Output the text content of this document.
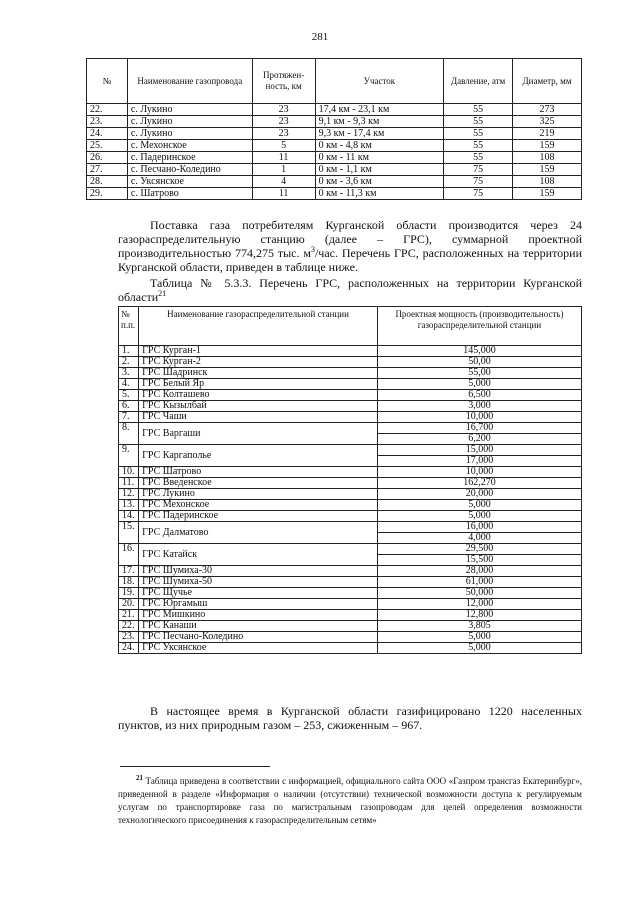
281
№	Наименование газопровода	Протяжен-ность, км	Участок	Давление, атм	Диаметр, мм
22.	с. Лукино	23	17,4 км - 23,1 км	55	273
23.	с. Лукино	23	9,1 км - 9,3 км	55	325
24.	с. Лукино	23	9,3 км - 17,4 км	55	219
25.	с. Мехонское	5	0 км - 4,8 км	55	159
26.	с. Падеринское	11	0 км - 11 км	55	108
27.	с. Песчано-Коледино	1	0 км - 1,1 км	75	159
28.	с. Уксянское	4	0 км - 3,6 км	75	108
29.	с. Шатрово	11	0 км - 11,3 км	75	159
Поставка газа потребителям Курганской области производится через 24 газораспределительную станцию (далее – ГРС), суммарной проектной производительностью 774,275 тыс. $м^3$/час. Перечень ГРС, расположенных на территории Курганской области, приведен в таблице ниже.
Таблица № 5.3.3. Перечень ГРС, расположенных на территории Курганской области$^{21}$
№ п.п.	Наименование газораспределительной станции	Проектная мощность (производительность) газораспределительной станции
1.	ГРС Курган-1	145,000
2.	ГРС Курган-2	50,00
3.	ГРС Шадринск	55,00
4.	ГРС Белый Яр	5,000
5.	ГРС Колташево	6,500
6.	ГРС Кызылбай	3,000
7.	ГРС Чаши	10,000
8.	ГРС Варгаши	16,700
		6,200
9.	ГРС Каргаполье	15,000
		17,000
10.	ГРС Шатрово	10,000
11.	ГРС Введенское	162,270
12.	ГРС Лукино	20,000
13.	ГРС Мехонское	5,000
14.	ГРС Падеринское	5,000
15.	ГРС Далматово	16,000
		4,000
16.	ГРС Катайск	29,500
		15,500
17.	ГРС Шумиха-30	28,000
18.	ГРС Шумиха-50	61,000
19.	ГРС Щучье	50,000
20.	ГРС Юргамыш	12,000
21.	ГРС Мишкино	12,800
22.	ГРС Канаши	3,805
23.	ГРС Песчано-Коледино	5,000
24.	ГРС Уксянское	5,000
В настоящее время в Курганской области газифицировано 1220 населенных пунктов, из них природным газом – 253, сжиженным – 967.
$^{21}$ Таблица приведена в соответствии с информацией, официального сайта ООО «Газпром трансгаз Екатеринбург», приведенной в разделе «Информация о наличии (отсутствии) технической возможности доступа к регулируемым услугам по транспортировке газа по магистральным газопроводам для целей определения возможности технологического присоединения к газораспределительным сетям»
